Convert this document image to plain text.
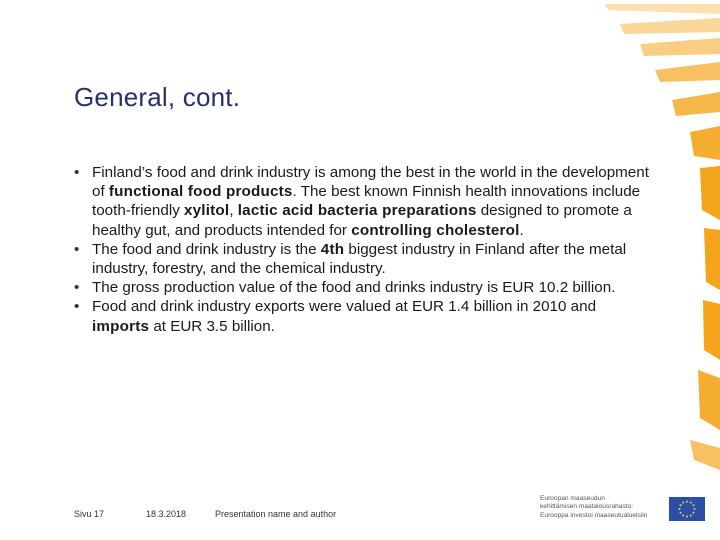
General, cont.
• Finland’s food and drink industry is among the best in the world in the development of functional food products. The best known Finnish health innovations include tooth-friendly xylitol, lactic acid bacteria preparations designed to promote a healthy gut, and products intended for controlling cholesterol.
• The food and drink industry is the 4th biggest industry in Finland after the metal industry, forestry, and the chemical industry.
• The gross production value of the food and drinks industry is EUR 10.2 billion.
• Food and drink industry exports were valued at EUR 1.4 billion in 2010 and imports at EUR 3.5 billion.
Sivu 17	18.3.2018	Presentation name and author
Euroopan maaseudun
kehittämisen maatalousrahasto:
Eurooppa investoi maaseutualueisiin
